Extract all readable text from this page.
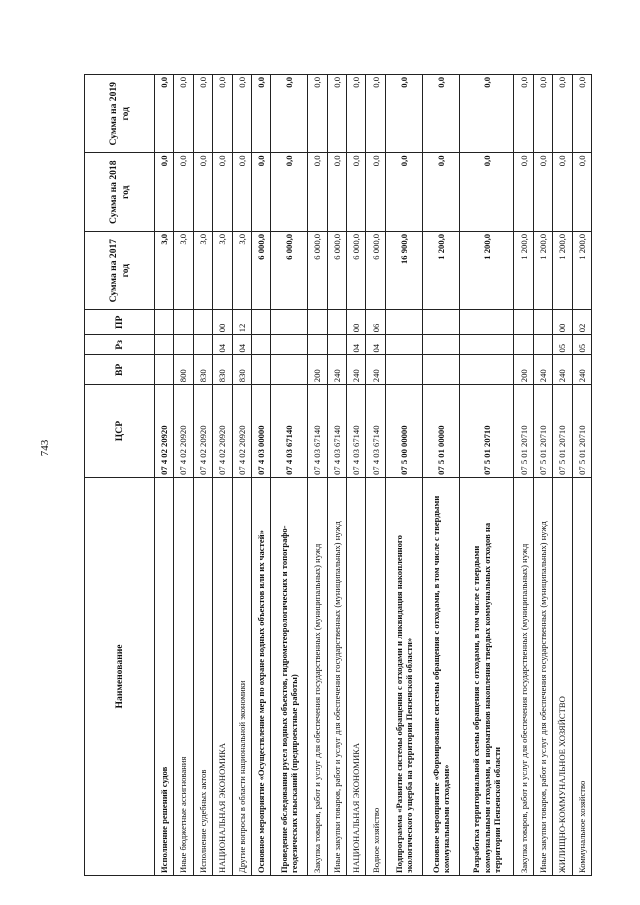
743
Наименование	ЦСР	ВР	Рз	ПР	Сумма на 2017 год	Сумма на 2018 год	Сумма на 2019 год
Исполнение решений судов	07 4 02 20920				3,0	0,0	0,0
Иные бюджетные ассигнования	07 4 02 20920	800			3,0	0,0	0,0
Исполнение судебных актов	07 4 02 20920	830			3,0	0,0	0,0
НАЦИОНАЛЬНАЯ ЭКОНОМИКА	07 4 02 20920	830	04	00	3,0	0,0	0,0
Другие вопросы в области национальной экономики	07 4 02 20920	830	04	12	3,0	0,0	0,0
Основное мероприятие «Осуществление мер по охране водных объектов или их частей»	07 4 03 00000				6 000,0	0,0	0,0
Проведение обследования русел водных объектов, гидрометеорологических и топографо-геодезических изысканий (предпроектные работы)	07 4 03 67140				6 000,0	0,0	0,0
Закупка товаров, работ и услуг для обеспечения государственных (муниципальных) нужд	07 4 03 67140	200			6 000,0	0,0	0,0
Иные закупки товаров, работ и услуг для обеспечения государственных (муниципальных) нужд	07 4 03 67140	240			6 000,0	0,0	0,0
НАЦИОНАЛЬНАЯ ЭКОНОМИКА	07 4 03 67140	240	04	00	6 000,0	0,0	0,0
Водное хозяйство	07 4 03 67140	240	04	06	6 000,0	0,0	0,0
Подпрограмма «Развитие системы обращения с отходами и ликвидация накопленного экологического ущерба на территории Пензенской области»	07 5 00 00000				16 900,0	0,0	0,0
Основное мероприятие «Формирование системы обращения с отходами, в том числе с твердыми коммунальными отходами»	07 5 01 00000				1 200,0	0,0	0,0
Разработка территориальной схемы обращения с отходами, в том числе с твердыми коммунальными отходами, и нормативов накопления твердых коммунальных отходов на территории Пензенской области	07 5 01 20710				1 200,0	0,0	0,0
Закупка товаров, работ и услуг для обеспечения государственных (муниципальных) нужд	07 5 01 20710	200			1 200,0	0,0	0,0
Иные закупки товаров, работ и услуг для обеспечения государственных (муниципальных) нужд	07 5 01 20710	240			1 200,0	0,0	0,0
ЖИЛИЩНО-КОММУНАЛЬНОЕ ХОЗЯЙСТВО	07 5 01 20710	240	05	00	1 200,0	0,0	0,0
Коммунальное хозяйство	07 5 01 20710	240	05	02	1 200,0	0,0	0,0
